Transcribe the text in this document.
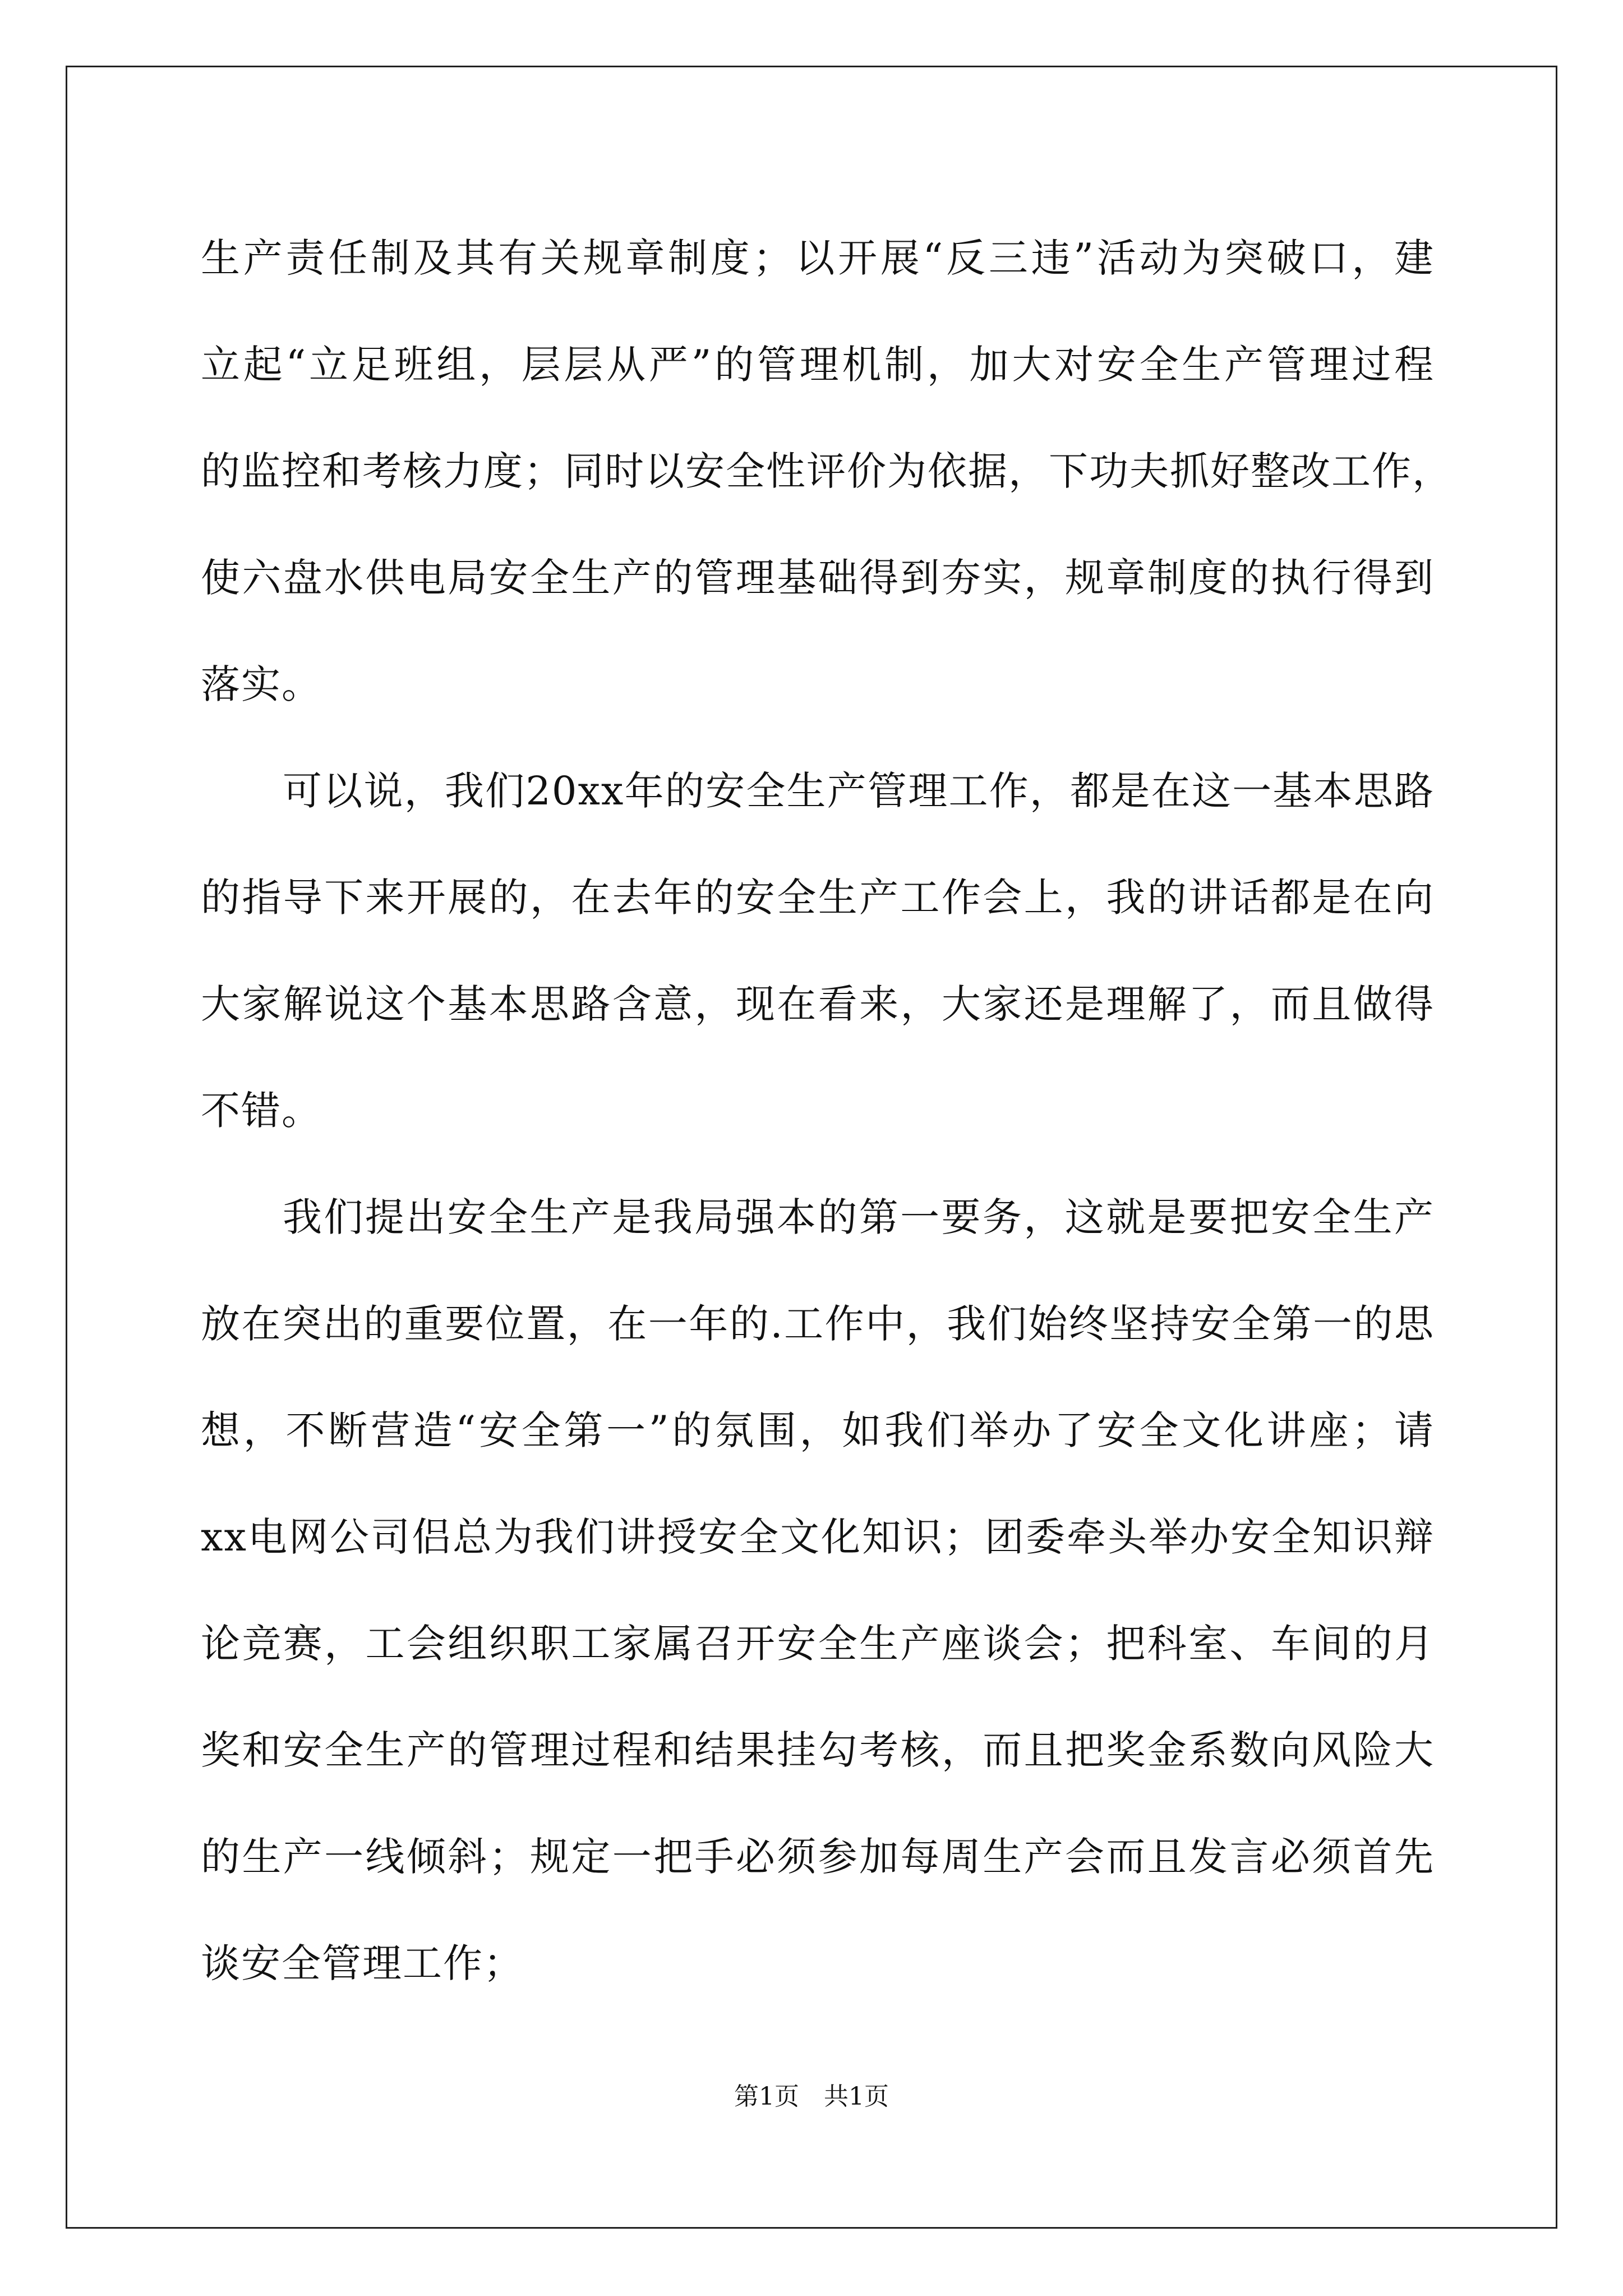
生产责任制及其有关规章制度；以开展“反三违”活动为突破口，建
立起“立足班组，层层从严”的管理机制，加大对安全生产管理过程
的监控和考核力度；同时以安全性评价为依据，下功夫抓好整改工作，
使六盘水供电局安全生产的管理基础得到夯实，规章制度的执行得到
落实。
可以说，我们20xx年的安全生产管理工作，都是在这一基本思路
的指导下来开展的，在去年的安全生产工作会上，我的讲话都是在向
大家解说这个基本思路含意，现在看来，大家还是理解了，而且做得
不错。
我们提出安全生产是我局强本的第一要务，这就是要把安全生产
放在突出的重要位置，在一年的.工作中，我们始终坚持安全第一的思
想，不断营造“安全第一”的氛围，如我们举办了安全文化讲座；请
xx电网公司侣总为我们讲授安全文化知识；团委牵头举办安全知识辩
论竞赛，工会组织职工家属召开安全生产座谈会；把科室、车间的月
奖和安全生产的管理过程和结果挂勾考核，而且把奖金系数向风险大
的生产一线倾斜；规定一把手必须参加每周生产会而且发言必须首先
谈安全管理工作；
第1页　共1页
